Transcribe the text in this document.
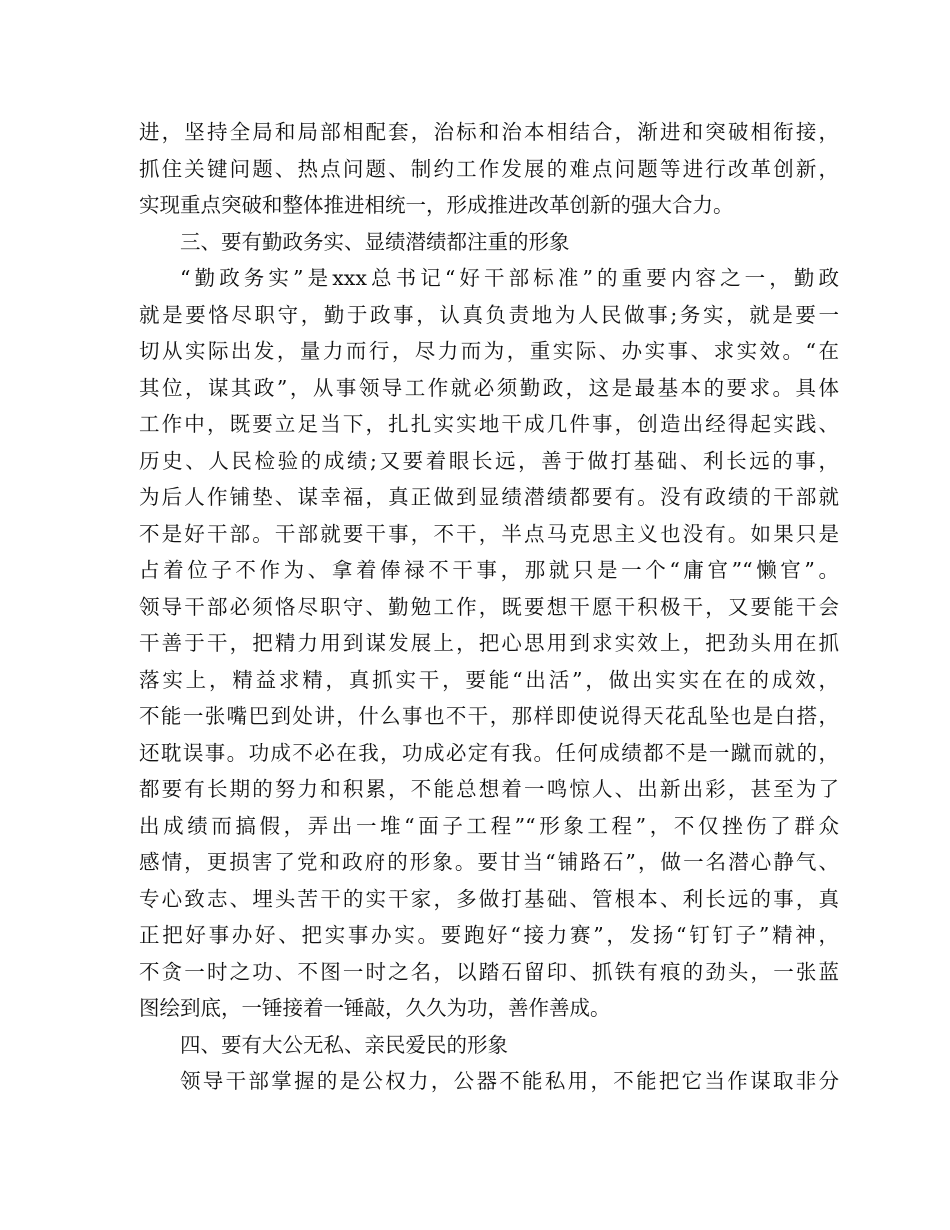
进，坚持全局和局部相配套，治标和治本相结合，渐进和突破相衔接，
抓住关键问题、热点问题、制约工作发展的难点问题等进行改革创新，
实现重点突破和整体推进相统一，形成推进改革创新的强大合力。
三、要有勤政务实、显绩潜绩都注重的形象
“勤政务实”是xxx总书记“好干部标准”的重要内容之一，勤政
就是要恪尽职守，勤于政事，认真负责地为人民做事;务实，就是要一
切从实际出发，量力而行，尽力而为，重实际、办实事、求实效。“在
其位，谋其政”，从事领导工作就必须勤政，这是最基本的要求。具体
工作中，既要立足当下，扎扎实实地干成几件事，创造出经得起实践、
历史、人民检验的成绩;又要着眼长远，善于做打基础、利长远的事，
为后人作铺垫、谋幸福，真正做到显绩潜绩都要有。没有政绩的干部就
不是好干部。干部就要干事，不干，半点马克思主义也没有。如果只是
占着位子不作为、拿着俸禄不干事，那就只是一个“庸官”“懒官”。
领导干部必须恪尽职守、勤勉工作，既要想干愿干积极干，又要能干会
干善于干，把精力用到谋发展上，把心思用到求实效上，把劲头用在抓
落实上，精益求精，真抓实干，要能“出活”，做出实实在在的成效，
不能一张嘴巴到处讲，什么事也不干，那样即使说得天花乱坠也是白搭，
还耽误事。功成不必在我，功成必定有我。任何成绩都不是一蹴而就的，
都要有长期的努力和积累，不能总想着一鸣惊人、出新出彩，甚至为了
出成绩而搞假，弄出一堆“面子工程”“形象工程”，不仅挫伤了群众
感情，更损害了党和政府的形象。要甘当“铺路石”，做一名潜心静气、
专心致志、埋头苦干的实干家，多做打基础、管根本、利长远的事，真
正把好事办好、把实事办实。要跑好“接力赛”，发扬“钉钉子”精神，
不贪一时之功、不图一时之名，以踏石留印、抓铁有痕的劲头，一张蓝
图绘到底，一锤接着一锤敲，久久为功，善作善成。
四、要有大公无私、亲民爱民的形象
领导干部掌握的是公权力，公器不能私用，不能把它当作谋取非分
